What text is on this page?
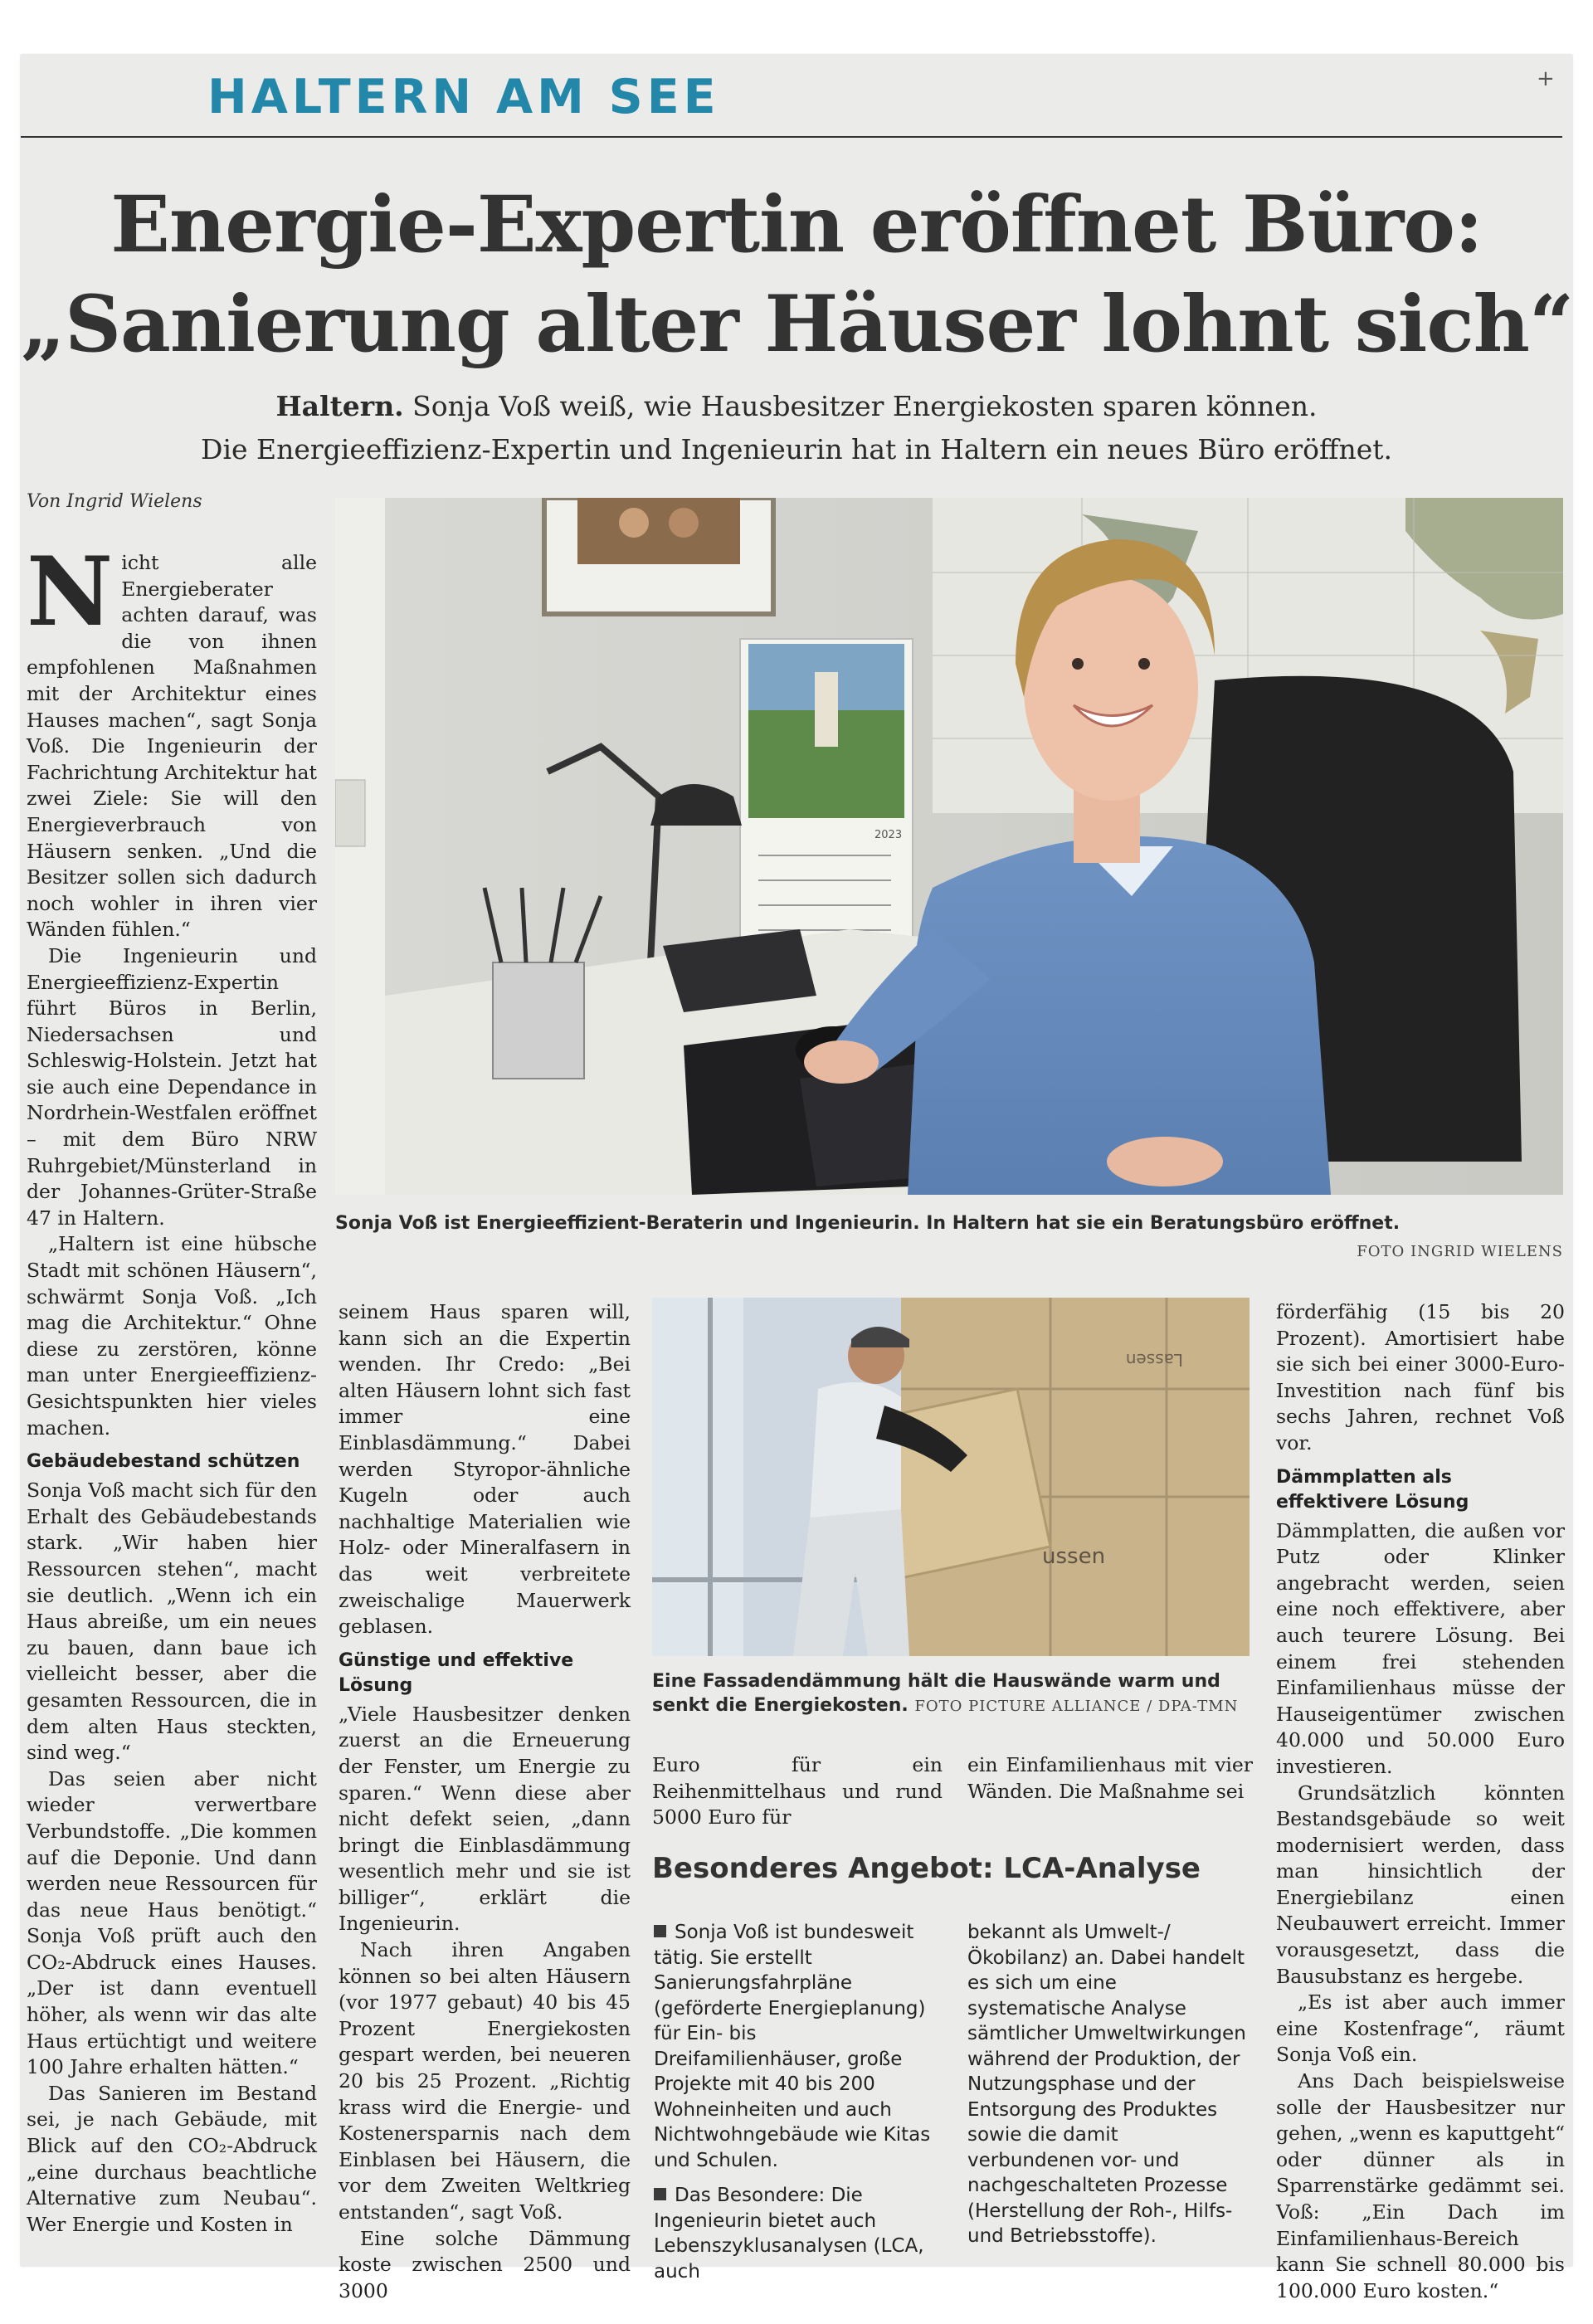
HALTERN AM SEE	+
Energie-Expertin eröffnet Büro:
„Sanierung alter Häuser lohnt sich“
Haltern. Sonja Voß weiß, wie Hausbesitzer Energiekosten sparen können.
Die Energieeffizienz-Expertin und Ingenieurin hat in Haltern ein neues Büro eröffnet.
Von Ingrid Wielens

Nicht alle Energieberater achten darauf, was die von ihnen empfohlenen Maßnahmen mit der Architektur eines Hauses machen“, sagt Sonja Voß. Die Ingenieurin der Fachrichtung Architektur hat zwei Ziele: Sie will den Energieverbrauch von Häusern senken. „Und die Besitzer sollen sich dadurch noch wohler in ihren vier Wänden fühlen.“

Die Ingenieurin und Energieeffizienz-Expertin führt Büros in Berlin, Niedersachsen und Schleswig-Holstein. Jetzt hat sie auch eine Dependance in Nordrhein-Westfalen eröffnet – mit dem Büro NRW Ruhrgebiet/Münsterland in der Johannes-Grüter-Straße 47 in Haltern.

„Haltern ist eine hübsche Stadt mit schönen Häusern“, schwärmt Sonja Voß. „Ich mag die Architektur.“ Ohne diese zu zerstören, könne man unter Energieeffizienz-Gesichtspunkten hier vieles machen.

Gebäudebestand schützen

Sonja Voß macht sich für den Erhalt des Gebäudebestands stark. „Wir haben hier Ressourcen stehen“, macht sie deutlich. „Wenn ich ein Haus abreiße, um ein neues zu bauen, dann baue ich vielleicht besser, aber die gesamten Ressourcen, die in dem alten Haus steckten, sind weg.“

Das seien aber nicht wieder verwertbare Verbundstoffe. „Die kommen auf die Deponie. Und dann werden neue Ressourcen für das neue Haus benötigt.“ Sonja Voß prüft auch den CO₂-Abdruck eines Hauses. „Der ist dann eventuell höher, als wenn wir das alte Haus ertüchtigt und weitere 100 Jahre erhalten hätten.“

Das Sanieren im Bestand sei, je nach Gebäude, mit Blick auf den CO₂-Abdruck „eine durchaus beachtliche Alternative zum Neubau“. Wer Energie und Kosten in

2023
Sonja Voß ist Energieeffizient-Beraterin und Ingenieurin. In Haltern hat sie ein Beratungsbüro eröffnet.
FOTO INGRID WIELENS

seinem Haus sparen will, kann sich an die Expertin wenden. Ihr Credo: „Bei alten Häusern lohnt sich fast immer eine Einblasdämmung.“ Dabei werden Styropor-ähnliche Kugeln oder auch nachhaltige Materialien wie Holz- oder Mineralfasern in das weit verbreitete zweischalige Mauerwerk geblasen.

Günstige und effektive Lösung

„Viele Hausbesitzer denken zuerst an die Erneuerung der Fenster, um Energie zu sparen.“ Wenn diese aber nicht defekt seien, „dann bringt die Einblasdämmung wesentlich mehr und sie ist billiger“, erklärt die Ingenieurin.

Nach ihren Angaben können so bei alten Häusern (vor 1977 gebaut) 40 bis 45 Prozent Energiekosten gespart werden, bei neueren 20 bis 25 Prozent. „Richtig krass wird die Energie- und Kostenersparnis nach dem Einblasen bei Häusern, die vor dem Zweiten Weltkrieg entstanden“, sagt Voß.

Eine solche Dämmung koste zwischen 2500 und 3000

ussen
Lassen
Eine Fassadendämmung hält die Hauswände warm und senkt die Energiekosten. FOTO PICTURE ALLIANCE / DPA-TMN

Euro für ein Reihenmittelhaus und rund 5000 Euro für

ein Einfamilienhaus mit vier Wänden. Die Maßnahme sei

Besonderes Angebot: LCA-Analyse

Sonja Voß ist bundesweit tätig. Sie erstellt Sanierungsfahrpläne (geförderte Energieplanung) für Ein- bis Dreifamilienhäuser, große Projekte mit 40 bis 200 Wohneinheiten und auch Nichtwohngebäude wie Kitas und Schulen.

Das Besondere: Die Ingenieurin bietet auch Lebenszyklusanalysen (LCA, auch

bekannt als Umwelt-/Ökobilanz) an. Dabei handelt es sich um eine systematische Analyse sämtlicher Umweltwirkungen während der Produktion, der Nutzungsphase und der Entsorgung des Produktes sowie die damit verbundenen vor- und nachgeschalteten Prozesse (Herstellung der Roh-, Hilfs- und Betriebsstoffe).

förderfähig (15 bis 20 Prozent). Amortisiert habe sie sich bei einer 3000-Euro-Investition nach fünf bis sechs Jahren, rechnet Voß vor.

Dämmplatten als effektivere Lösung

Dämmplatten, die außen vor Putz oder Klinker angebracht werden, seien eine noch effektivere, aber auch teurere Lösung. Bei einem frei stehenden Einfamilienhaus müsse der Hauseigentümer zwischen 40.000 und 50.000 Euro investieren.

Grundsätzlich könnten Bestandsgebäude so weit modernisiert werden, dass man hinsichtlich der Energiebilanz einen Neubauwert erreicht. Immer vorausgesetzt, dass die Bausubstanz es hergebe.

„Es ist aber auch immer eine Kostenfrage“, räumt Sonja Voß ein.

Ans Dach beispielsweise solle der Hausbesitzer nur gehen, „wenn es kaputtgeht“ oder dünner als in Sparrenstärke gedämmt sei. Voß: „Ein Dach im Einfamilienhaus-Bereich kann Sie schnell 80.000 bis 100.000 Euro kosten.“
